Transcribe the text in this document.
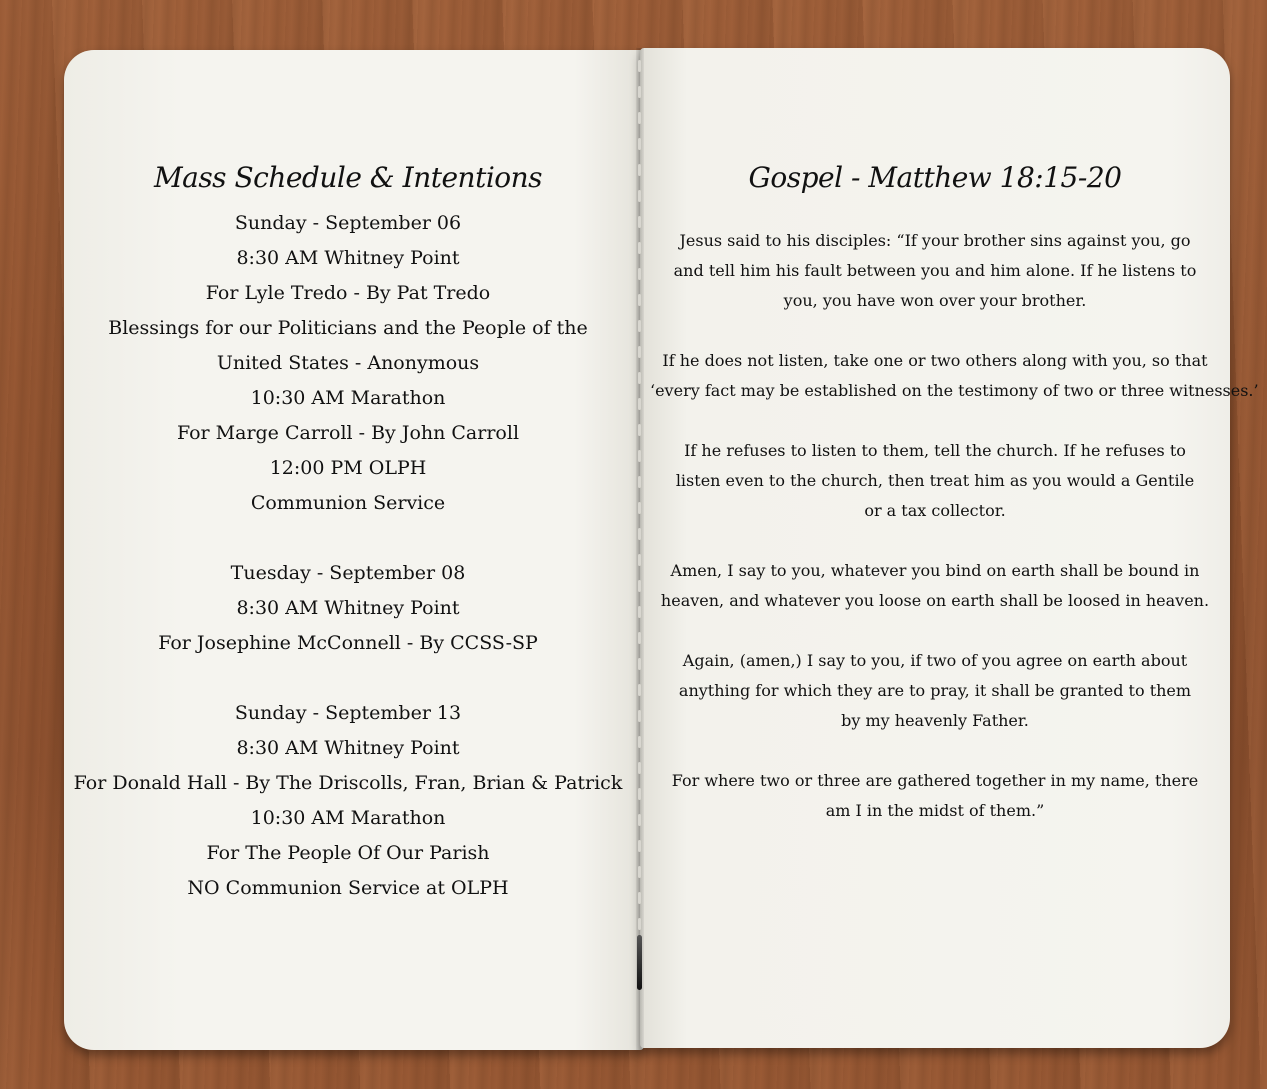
Mass Schedule & Intentions
Sunday - September 06
8:30 AM Whitney Point
For Lyle Tredo - By Pat Tredo
Blessings for our Politicians and the People of the
United States - Anonymous
10:30 AM Marathon
For Marge Carroll - By John Carroll
12:00 PM OLPH
Communion Service
Tuesday - September 08
8:30 AM Whitney Point
For Josephine McConnell - By CCSS-SP
Sunday - September 13
8:30 AM Whitney Point
For Donald Hall - By The Driscolls, Fran, Brian & Patrick
10:30 AM Marathon
For The People Of Our Parish
NO Communion Service at OLPH
Gospel - Matthew 18:15-20
Jesus said to his disciples: “If your brother sins against you, go
and tell him his fault between you and him alone. If he listens to
you, you have won over your brother.
If he does not listen, take one or two others along with you, so that
‘every fact may be established on the testimony of two or three witnesses.’
If he refuses to listen to them, tell the church. If he refuses to
listen even to the church, then treat him as you would a Gentile
or a tax collector.
Amen, I say to you, whatever you bind on earth shall be bound in
heaven, and whatever you loose on earth shall be loosed in heaven.
Again, (amen,) I say to you, if two of you agree on earth about
anything for which they are to pray, it shall be granted to them
by my heavenly Father.
For where two or three are gathered together in my name, there
am I in the midst of them.”
